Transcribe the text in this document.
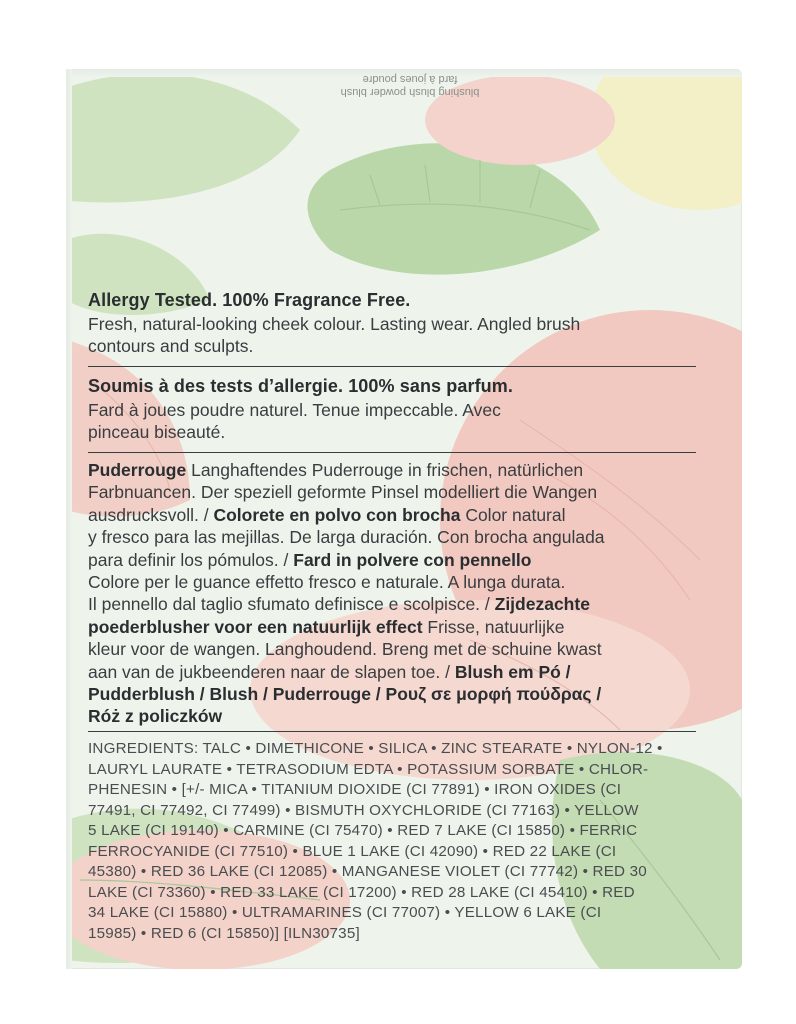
blushing blush powder blush
fard à joues poudre
Allergy Tested. 100% Fragrance Free.
Fresh, natural-looking cheek colour. Lasting wear. Angled brush
contours and sculpts.
Soumis à des tests d’allergie. 100% sans parfum.
Fard à joues poudre naturel. Tenue impeccable. Avec
pinceau biseauté.
Puderrouge Langhaftendes Puderrouge in frischen, natürlichen
Farbnuancen. Der speziell geformte Pinsel modelliert die Wangen
ausdrucksvoll. / Colorete en polvo con brocha Color natural
y fresco para las mejillas. De larga duración. Con brocha angulada
para definir los pómulos. / Fard in polvere con pennello
Colore per le guance effetto fresco e naturale. A lunga durata.
Il pennello dal taglio sfumato definisce e scolpisce. / Zijdezachte
poederblusher voor een natuurlijk effect Frisse, natuurlijke
kleur voor de wangen. Langhoudend. Breng met de schuine kwast
aan van de jukbeenderen naar de slapen toe. / Blush em Pó /
Pudderblush / Blush / Puderrouge / Ρουζ σε μορφή πούδρας /
Róż z policzków
INGREDIENTS: TALC • DIMETHICONE • SILICA • ZINC STEARATE • NYLON-12 •
LAURYL LAURATE • TETRASODIUM EDTA • POTASSIUM SORBATE • CHLOR-
PHENESIN • [+/- MICA • TITANIUM DIOXIDE (CI 77891) • IRON OXIDES (CI
77491, CI 77492, CI 77499) • BISMUTH OXYCHLORIDE (CI 77163) • YELLOW
5 LAKE (CI 19140) • CARMINE (CI 75470) • RED 7 LAKE (CI 15850) • FERRIC
FERROCYANIDE (CI 77510) • BLUE 1 LAKE (CI 42090) • RED 22 LAKE (CI
45380) • RED 36 LAKE (CI 12085) • MANGANESE VIOLET (CI 77742) • RED 30
LAKE (CI 73360) • RED 33 LAKE (CI 17200) • RED 28 LAKE (CI 45410) • RED
34 LAKE (CI 15880) • ULTRAMARINES (CI 77007) • YELLOW 6 LAKE (CI
15985) • RED 6 (CI 15850)] [ILN30735]
